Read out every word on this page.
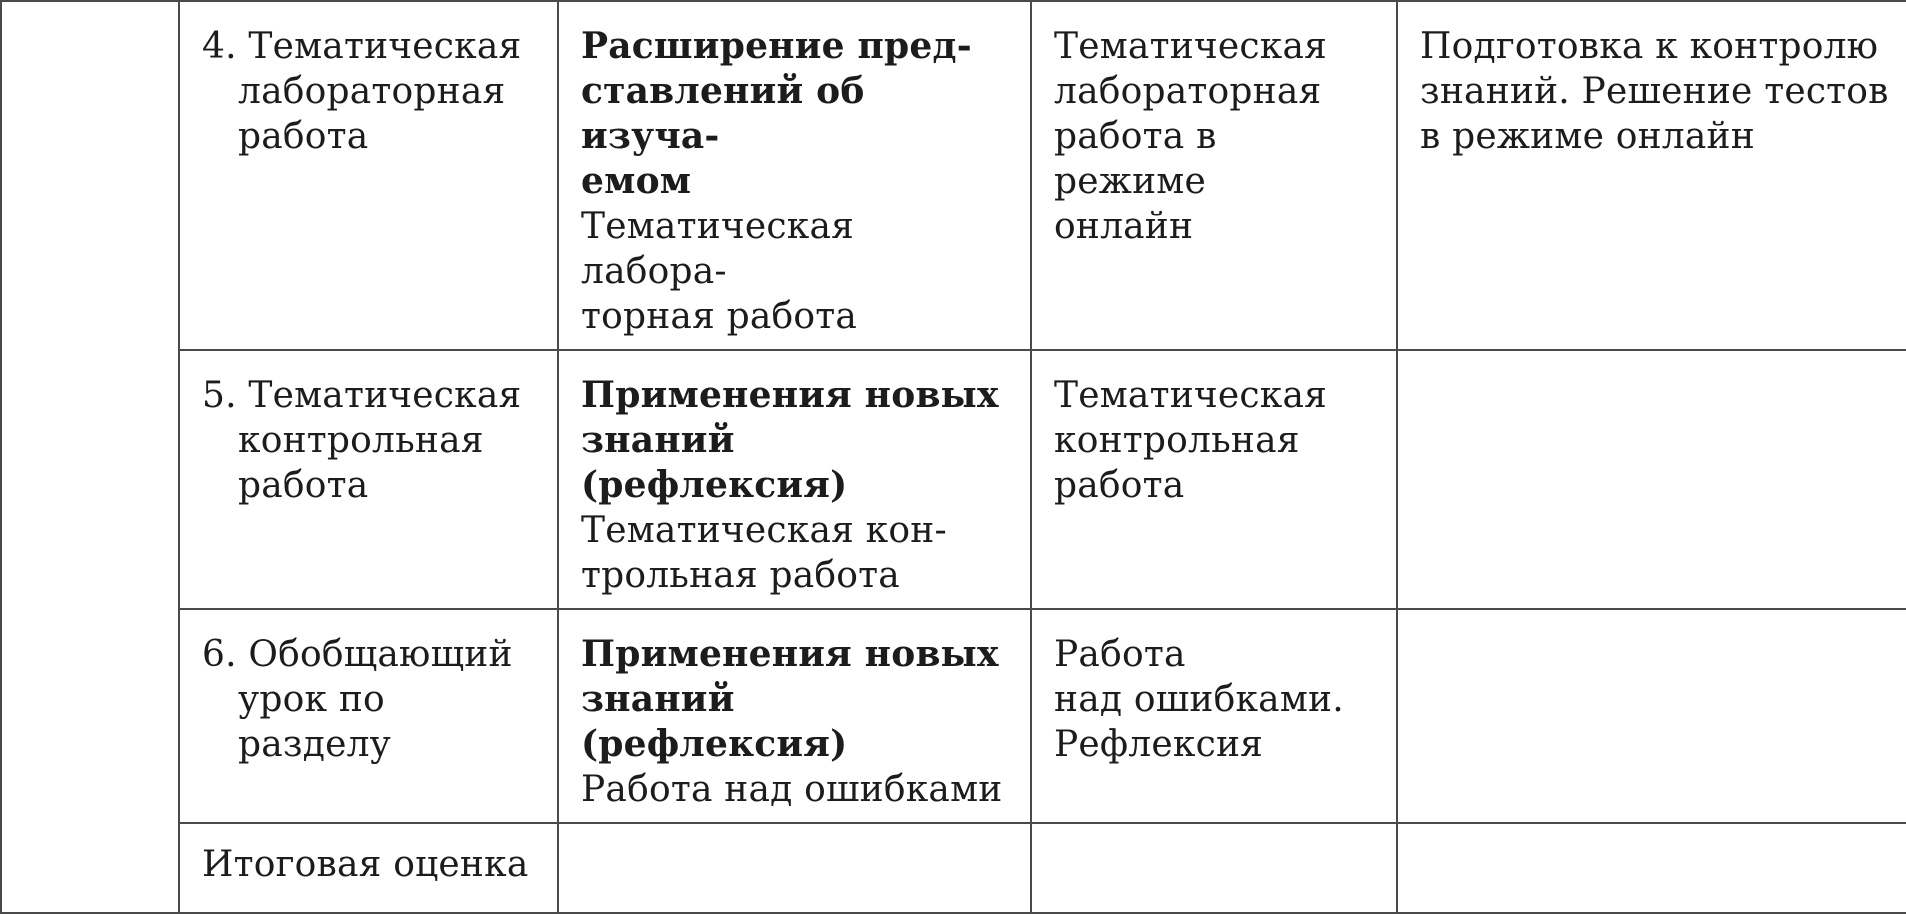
	4. Тематическая
лабораторная
работа	Расширение пред-
ставлений об изуча-
емом
Тематическая лабора-
торная работа	Тематическая
лабораторная
работа в режиме
онлайн	Подготовка к контролю
знаний. Решение тестов
в режиме онлайн

	5. Тематическая
контрольная
работа	Применения новых
знаний (рефлексия)
Тематическая кон-
трольная работа	Тематическая
контрольная
работа	

	6. Обобщающий
урок по разделу	Применения новых
знаний (рефлексия)
Работа над ошибками	Работа
над ошибками.
Рефлексия	

	Итоговая оценка			
